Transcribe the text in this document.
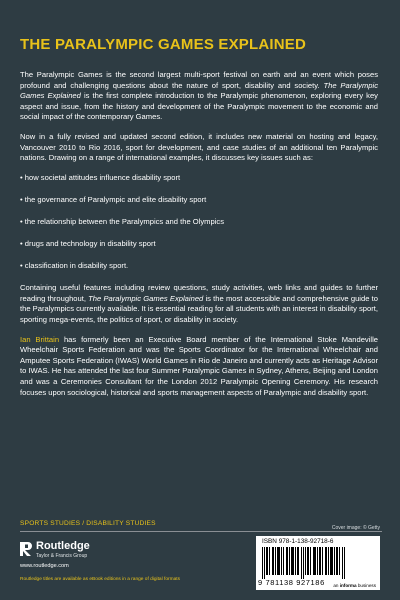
THE PARALYMPIC GAMES EXPLAINED

The Paralympic Games is the second largest multi-sport festival on earth and an event which poses profound and challenging questions about the nature of sport, disability and society. The Paralympic Games Explained is the first complete introduction to the Paralympic phenomenon, exploring every key aspect and issue, from the history and development of the Paralympic movement to the economic and social impact of the contemporary Games.

Now in a fully revised and updated second edition, it includes new material on hosting and legacy, Vancouver 2010 to Rio 2016, sport for development, and case studies of an additional ten Paralympic nations. Drawing on a range of international examples, it discusses key issues such as:

• how societal attitudes influence disability sport
• the governance of Paralympic and elite disability sport
• the relationship between the Paralympics and the Olympics
• drugs and technology in disability sport
• classification in disability sport.

Containing useful features including review questions, study activities, web links and guides to further reading throughout, The Paralympic Games Explained is the most accessible and comprehensive guide to the Paralympics currently available. It is essential reading for all students with an interest in disability sport, sporting mega-events, the politics of sport, or disability in society.

Ian Brittain has formerly been an Executive Board member of the International Stoke Mandeville Wheelchair Sports Federation and was the Sports Coordinator for the International Wheelchair and Amputee Sports Federation (IWAS) World Games in Rio de Janeiro and currently acts as Heritage Advisor to IWAS. He has attended the last four Summer Paralympic Games in Sydney, Athens, Beijing and London and was a Ceremonies Consultant for the London 2012 Paralympic Opening Ceremony. His research focuses upon sociological, historical and sports management aspects of Paralympic and disability sport.

SPORTS STUDIES / DISABILITY STUDIES
Cover image: © Getty
Routledge
Taylor & Francis Group
www.routledge.com
Routledge titles are available as eBook editions in a range of digital formats
ISBN 978-1-138-92718-6
9 781138 927186	an informa business
